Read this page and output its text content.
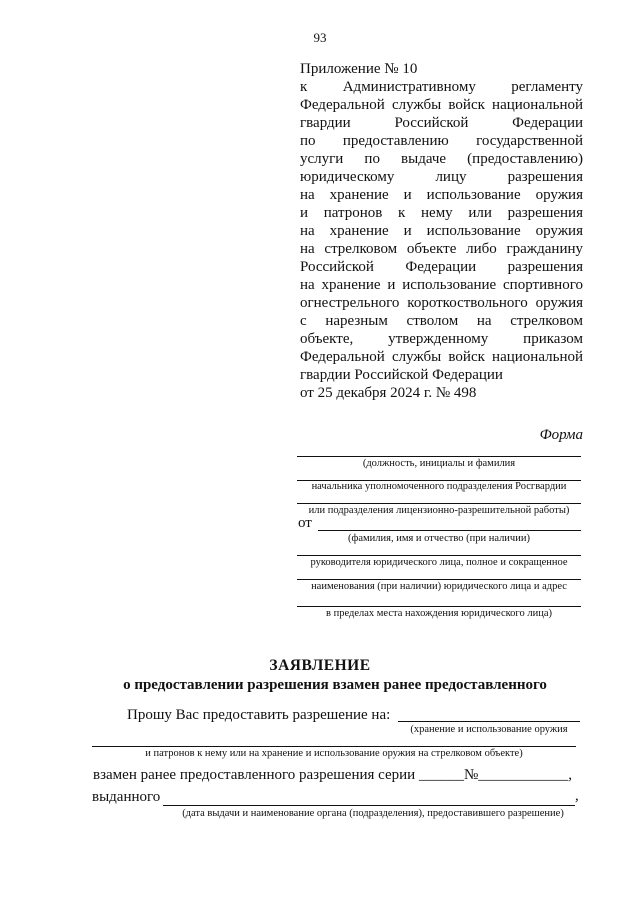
93
Приложение № 10
к Административному регламенту
Федеральной службы войск национальной
гвардии Российской Федерации
по предоставлению государственной
услуги по выдаче (предоставлению)
юридическому лицу разрешения
на хранение и использование оружия
и патронов к нему или разрешения
на хранение и использование оружия
на стрелковом объекте либо гражданину
Российской Федерации разрешения
на хранение и использование спортивного
огнестрельного короткоствольного оружия
с нарезным стволом на стрелковом
объекте, утвержденному приказом
Федеральной службы войск национальной
гвардии Российской Федерации
от 25 декабря 2024 г. № 498
Форма
(должность, инициалы и фамилия
начальника уполномоченного подразделения Росгвардии
или подразделения лицензионно-разрешительной работы)
от
(фамилия, имя и отчество (при наличии)
руководителя юридического лица, полное и сокращенное
наименования (при наличии) юридического лица и адрес
в пределах места нахождения юридического лица)
ЗАЯВЛЕНИЕ
о предоставлении разрешения взамен ранее предоставленного
Прошу Вас предоставить разрешение на:
(хранение и использование оружия
и патронов к нему или на хранение и использование оружия на стрелковом объекте)
взамен ранее предоставленного разрешения серии ______№____________,
выданного	,
(дата выдачи и наименование органа (подразделения), предоставившего разрешение)
